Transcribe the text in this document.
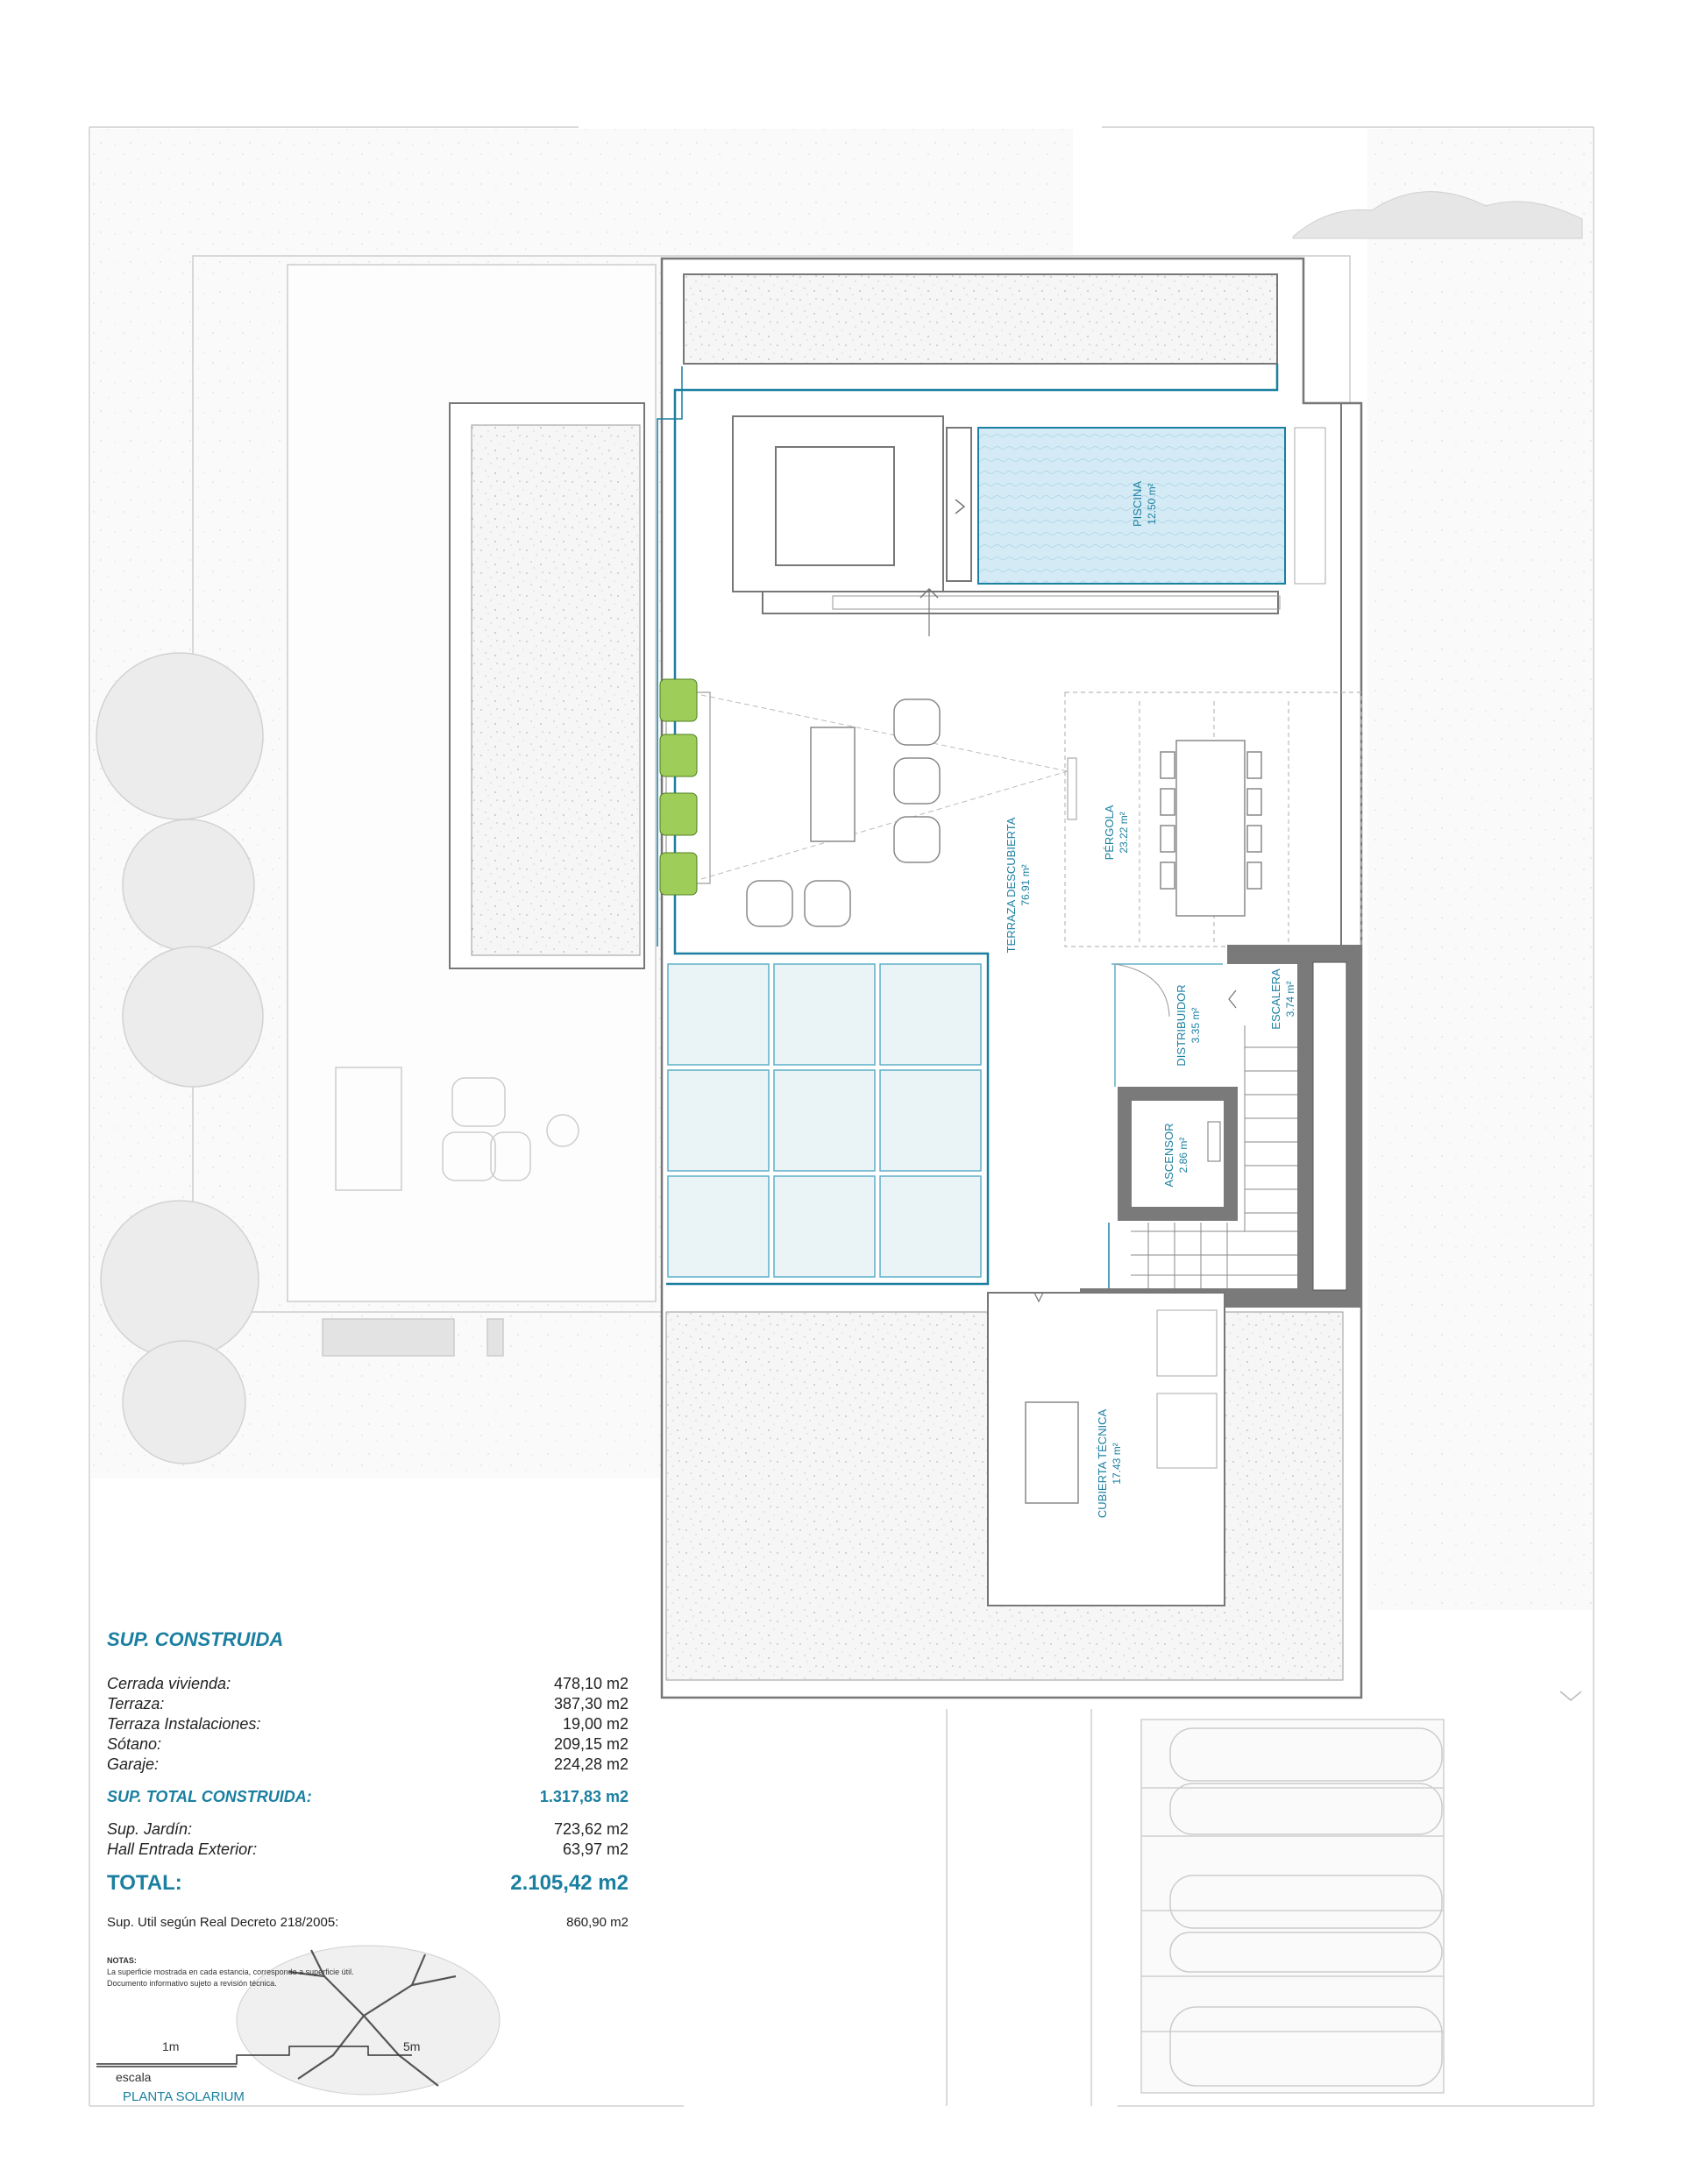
PISCINA 12.50 m²
TERRAZA DESCUBIERTA 76.91 m²
PÉRGOLA 23.22 m²
DISTRIBUIDOR 3.35 m²	ESCALERA 3.74 m²
ASCENSOR 2.86 m²
CUBIERTA TÉCNICA 17.43 m²
1m	5m
escala
PLANTA SOLARIUM
SUP. CONSTRUIDA
Cerrada vivienda:	478,10 m2
Terraza:	387,30 m2
Terraza Instalaciones:	19,00 m2
Sótano:	209,15 m2
Garaje:	224,28 m2
SUP. TOTAL CONSTRUIDA:	1.317,83 m2
Sup. Jardín:	723,62 m2
Hall Entrada Exterior:	63,97 m2
TOTAL:	2.105,42 m2
Sup. Util según Real Decreto 218/2005:	860,90 m2
NOTAS:
La superficie mostrada en cada estancia, corresponde a superficie útil.
Documento informativo sujeto a revisión técnica.
